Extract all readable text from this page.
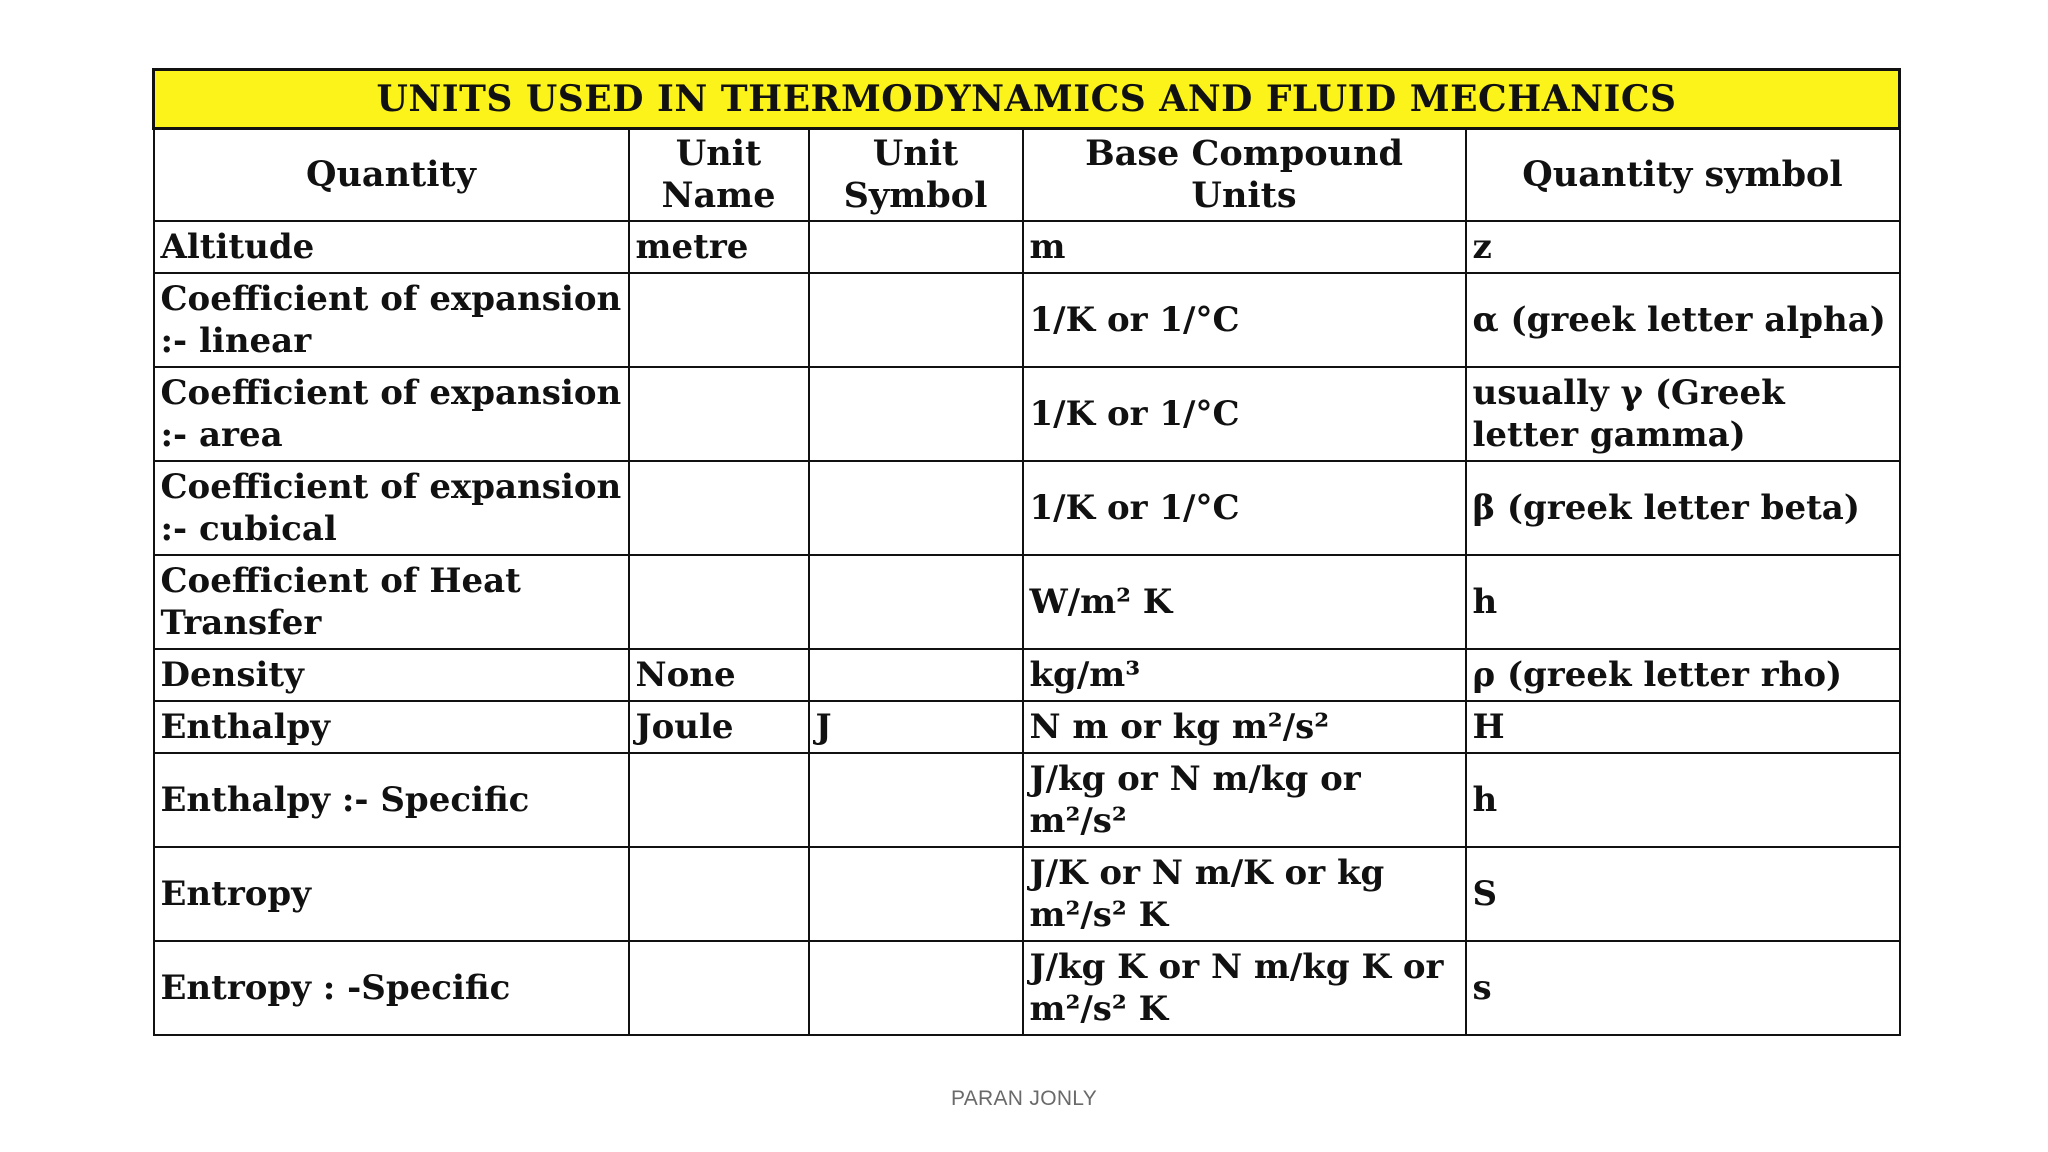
UNITS USED IN THERMODYNAMICS AND FLUID MECHANICS				
Quantity	Unit Name	Unit Symbol	Base Compound Units	Quantity symbol
Altitude	metre		m	z
Coefficient of expansion :- linear			1/K or 1/°C	α (greek letter alpha)
Coefficient of expansion :- area			1/K or 1/°C	usually γ (Greek letter gamma)
Coefficient of expansion :- cubical			1/K or 1/°C	β (greek letter beta)
Coefficient of Heat Transfer			W/m² K	h
Density	None		kg/m³	ρ (greek letter rho)
Enthalpy	Joule	J	N m or kg m²/s²	H
Enthalpy :- Specific			J/kg or N m/kg or m²/s²	h
Entropy			J/K or N m/K or kg m²/s² K	S
Entropy : -Specific			J/kg K or N m/kg K or m²/s² K	s
PARAN JONLY
